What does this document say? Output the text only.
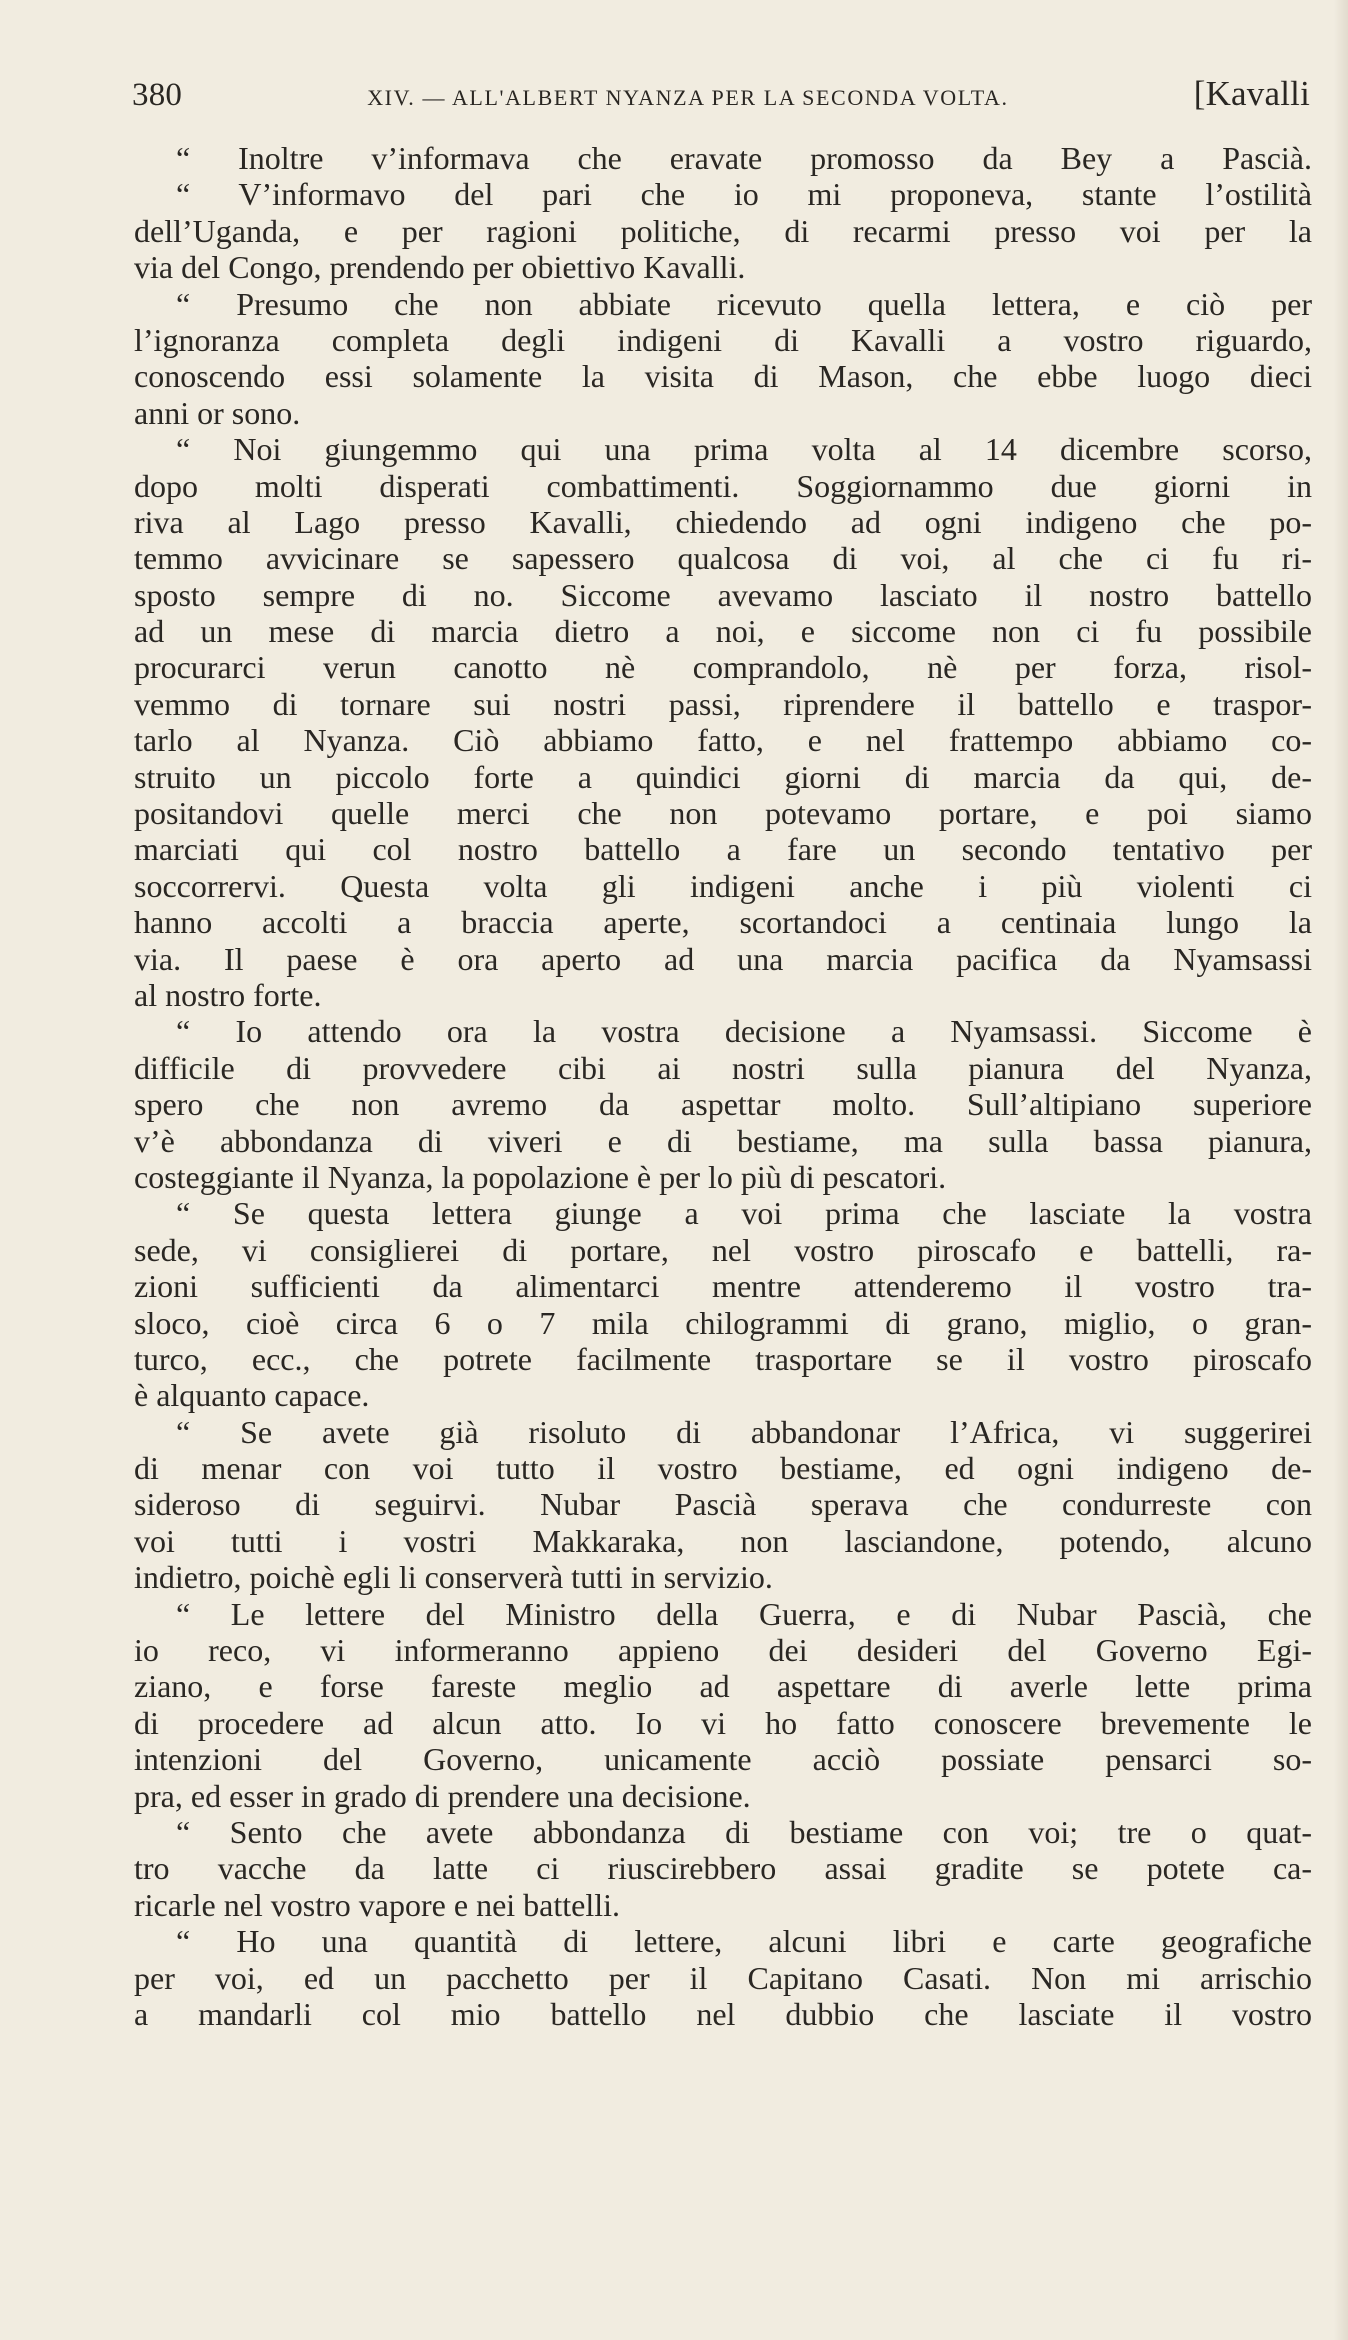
380	XIV. — ALL'ALBERT NYANZA PER LA SECONDA VOLTA.	[Kavalli
“ Inoltre v’informava che eravate promosso da Bey a Pascià.
“ V’informavo del pari che io mi proponeva, stante l’ostilità
dell’Uganda, e per ragioni politiche, di recarmi presso voi per la
via del Congo, prendendo per obiettivo Kavalli.
“ Presumo che non abbiate ricevuto quella lettera, e ciò per
l’ignoranza completa degli indigeni di Kavalli a vostro riguardo,
conoscendo essi solamente la visita di Mason, che ebbe luogo dieci
anni or sono.
“ Noi giungemmo qui una prima volta al 14 dicembre scorso,
dopo molti disperati combattimenti. Soggiornammo due giorni in
riva al Lago presso Kavalli, chiedendo ad ogni indigeno che po-
temmo avvicinare se sapessero qualcosa di voi, al che ci fu ri-
sposto sempre di no. Siccome avevamo lasciato il nostro battello
ad un mese di marcia dietro a noi, e siccome non ci fu possibile
procurarci verun canotto nè comprandolo, nè per forza, risol-
vemmo di tornare sui nostri passi, riprendere il battello e traspor-
tarlo al Nyanza. Ciò abbiamo fatto, e nel frattempo abbiamo co-
struito un piccolo forte a quindici giorni di marcia da qui, de-
positandovi quelle merci che non potevamo portare, e poi siamo
marciati qui col nostro battello a fare un secondo tentativo per
soccorrervi. Questa volta gli indigeni anche i più violenti ci
hanno accolti a braccia aperte, scortandoci a centinaia lungo la
via. Il paese è ora aperto ad una marcia pacifica da Nyamsassi
al nostro forte.
“ Io attendo ora la vostra decisione a Nyamsassi. Siccome è
difficile di provvedere cibi ai nostri sulla pianura del Nyanza,
spero che non avremo da aspettar molto. Sull’altipiano superiore
v’è abbondanza di viveri e di bestiame, ma sulla bassa pianura,
costeggiante il Nyanza, la popolazione è per lo più di pescatori.
“ Se questa lettera giunge a voi prima che lasciate la vostra
sede, vi consiglierei di portare, nel vostro piroscafo e battelli, ra-
zioni sufficienti da alimentarci mentre attenderemo il vostro tra-
sloco, cioè circa 6 o 7 mila chilogrammi di grano, miglio, o gran-
turco, ecc., che potrete facilmente trasportare se il vostro piroscafo
è alquanto capace.
“ Se avete già risoluto di abbandonar l’Africa, vi suggerirei
di menar con voi tutto il vostro bestiame, ed ogni indigeno de-
sideroso di seguirvi. Nubar Pascià sperava che condurreste con
voi tutti i vostri Makkaraka, non lasciandone, potendo, alcuno
indietro, poichè egli li conserverà tutti in servizio.
“ Le lettere del Ministro della Guerra, e di Nubar Pascià, che
io reco, vi informeranno appieno dei desideri del Governo Egi-
ziano, e forse fareste meglio ad aspettare di averle lette prima
di procedere ad alcun atto. Io vi ho fatto conoscere brevemente le
intenzioni del Governo, unicamente acciò possiate pensarci so-
pra, ed esser in grado di prendere una decisione.
“ Sento che avete abbondanza di bestiame con voi; tre o quat-
tro vacche da latte ci riuscirebbero assai gradite se potete ca-
ricarle nel vostro vapore e nei battelli.
“ Ho una quantità di lettere, alcuni libri e carte geografiche
per voi, ed un pacchetto per il Capitano Casati. Non mi arrischio
a mandarli col mio battello nel dubbio che lasciate il vostro
